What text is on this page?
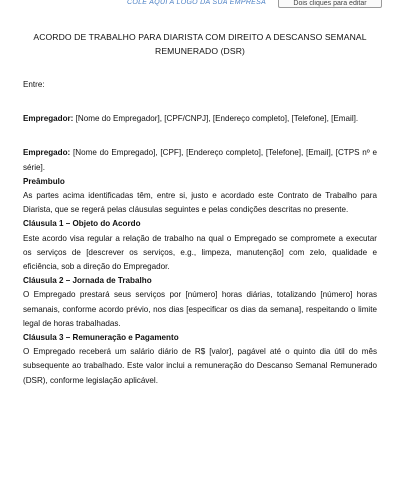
COLE AQUI A LOGO DA SUA EMPRESA	Dois cliques para editar

ACORDO DE TRABALHO PARA DIARISTA COM DIREITO A DESCANSO SEMANAL REMUNERADO (DSR)

Entre:

Empregador: [Nome do Empregador], [CPF/CNPJ], [Endereço completo], [Telefone], [Email].

Empregado: [Nome do Empregado], [CPF], [Endereço completo], [Telefone], [Email], [CTPS nº e série].

Preâmbulo

As partes acima identificadas têm, entre si, justo e acordado este Contrato de Trabalho para Diarista, que se regerá pelas cláusulas seguintes e pelas condições descritas no presente.

Cláusula 1 – Objeto do Acordo

Este acordo visa regular a relação de trabalho na qual o Empregado se compromete a executar os serviços de [descrever os serviços, e.g., limpeza, manutenção] com zelo, qualidade e eficiência, sob a direção do Empregador.

Cláusula 2 – Jornada de Trabalho

O Empregado prestará seus serviços por [número] horas diárias, totalizando [número] horas semanais, conforme acordo prévio, nos dias [especificar os dias da semana], respeitando o limite legal de horas trabalhadas.

Cláusula 3 – Remuneração e Pagamento

O Empregado receberá um salário diário de R$ [valor], pagável até o quinto dia útil do mês subsequente ao trabalhado. Este valor inclui a remuneração do Descanso Semanal Remunerado (DSR), conforme legislação aplicável.
